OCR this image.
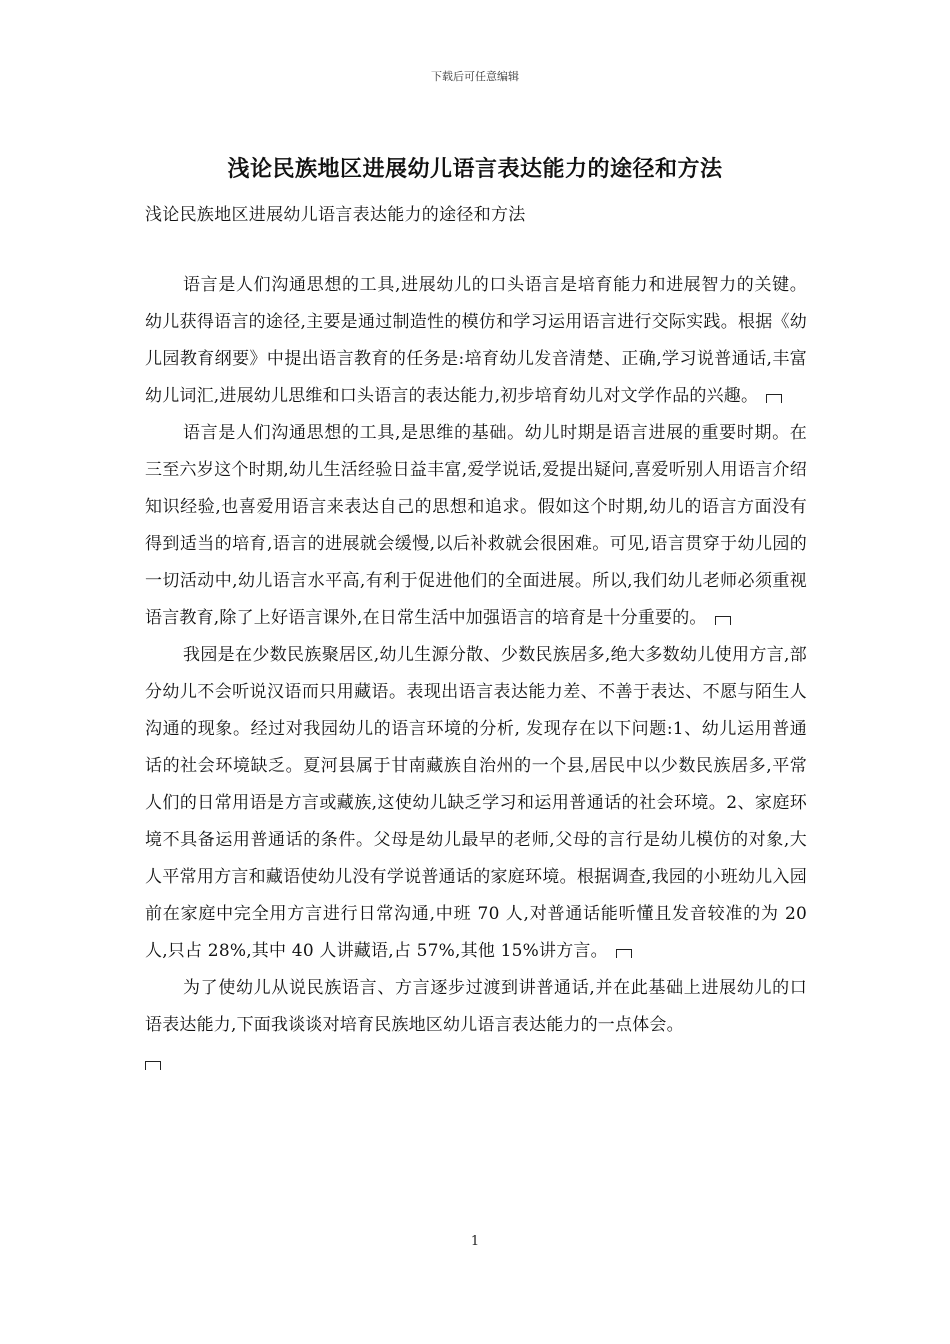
下载后可任意编辑
浅论民族地区进展幼儿语言表达能力的途径和方法

浅论民族地区进展幼儿语言表达能力的途径和方法

语言是人们沟通思想的工具,进展幼儿的口头语言是培育能力和进展智力的关键。幼儿获得语言的途径,主要是通过制造性的模仿和学习运用语言进行交际实践。根据《幼儿园教育纲要》中提出语言教育的任务是:培育幼儿发音清楚、正确,学习说普通话,丰富幼儿词汇,进展幼儿思维和口头语言的表达能力,初步培育幼儿对文学作品的兴趣。

语言是人们沟通思想的工具,是思维的基础。幼儿时期是语言进展的重要时期。在三至六岁这个时期,幼儿生活经验日益丰富,爱学说话,爱提出疑问,喜爱听别人用语言介绍知识经验,也喜爱用语言来表达自己的思想和追求。假如这个时期,幼儿的语言方面没有得到适当的培育,语言的进展就会缓慢,以后补救就会很困难。可见,语言贯穿于幼儿园的一切活动中,幼儿语言水平高,有利于促进他们的全面进展。所以,我们幼儿老师必须重视语言教育,除了上好语言课外,在日常生活中加强语言的培育是十分重要的。

我园是在少数民族聚居区,幼儿生源分散、少数民族居多,绝大多数幼儿使用方言,部分幼儿不会听说汉语而只用藏语。表现出语言表达能力差、不善于表达、不愿与陌生人沟通的现象。经过对我园幼儿的语言环境的分析, 发现存在以下问题:1、幼儿运用普通话的社会环境缺乏。夏河县属于甘南藏族自治州的一个县,居民中以少数民族居多,平常人们的日常用语是方言或藏族,这使幼儿缺乏学习和运用普通话的社会环境。2、家庭环境不具备运用普通话的条件。父母是幼儿最早的老师,父母的言行是幼儿模仿的对象,大人平常用方言和藏语使幼儿没有学说普通话的家庭环境。根据调查,我园的小班幼儿入园前在家庭中完全用方言进行日常沟通,中班 70 人,对普通话能听懂且发音较准的为 20 人,只占 28%,其中 40 人讲藏语,占 57%,其他 15%讲方言。

为了使幼儿从说民族语言、方言逐步过渡到讲普通话,并在此基础上进展幼儿的口语表达能力,下面我谈谈对培育民族地区幼儿语言表达能力的一点体会。

1
